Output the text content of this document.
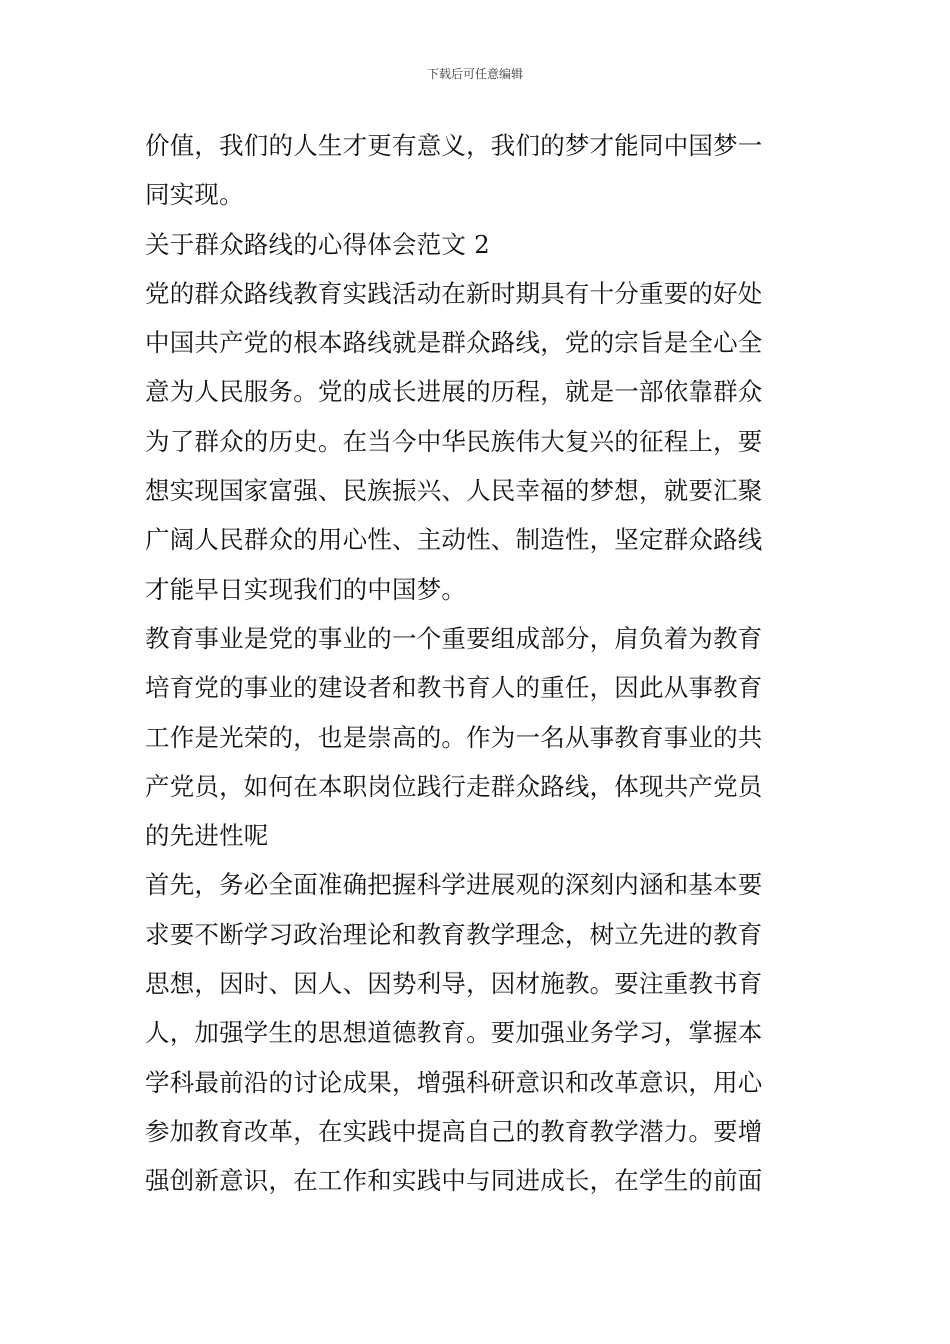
下载后可任意编辑
价值，我们的人生才更有意义，我们的梦才能同中国梦一
同实现。
关于群众路线的心得体会范文 2
党的群众路线教育实践活动在新时期具有十分重要的好处
中国共产党的根本路线就是群众路线，党的宗旨是全心全
意为人民服务。党的成长进展的历程，就是一部依靠群众
为了群众的历史。在当今中华民族伟大复兴的征程上，要
想实现国家富强、民族振兴、人民幸福的梦想，就要汇聚
广阔人民群众的用心性、主动性、制造性，坚定群众路线
才能早日实现我们的中国梦。
教育事业是党的事业的一个重要组成部分，肩负着为教育
培育党的事业的建设者和教书育人的重任，因此从事教育
工作是光荣的，也是崇高的。作为一名从事教育事业的共
产党员，如何在本职岗位践行走群众路线，体现共产党员
的先进性呢
首先，务必全面准确把握科学进展观的深刻内涵和基本要
求要不断学习政治理论和教育教学理念，树立先进的教育
思想，因时、因人、因势利导，因材施教。要注重教书育
人，加强学生的思想道德教育。要加强业务学习，掌握本
学科最前沿的讨论成果，增强科研意识和改革意识，用心
参加教育改革，在实践中提高自己的教育教学潜力。要增
强创新意识，在工作和实践中与同进成长，在学生的前面
